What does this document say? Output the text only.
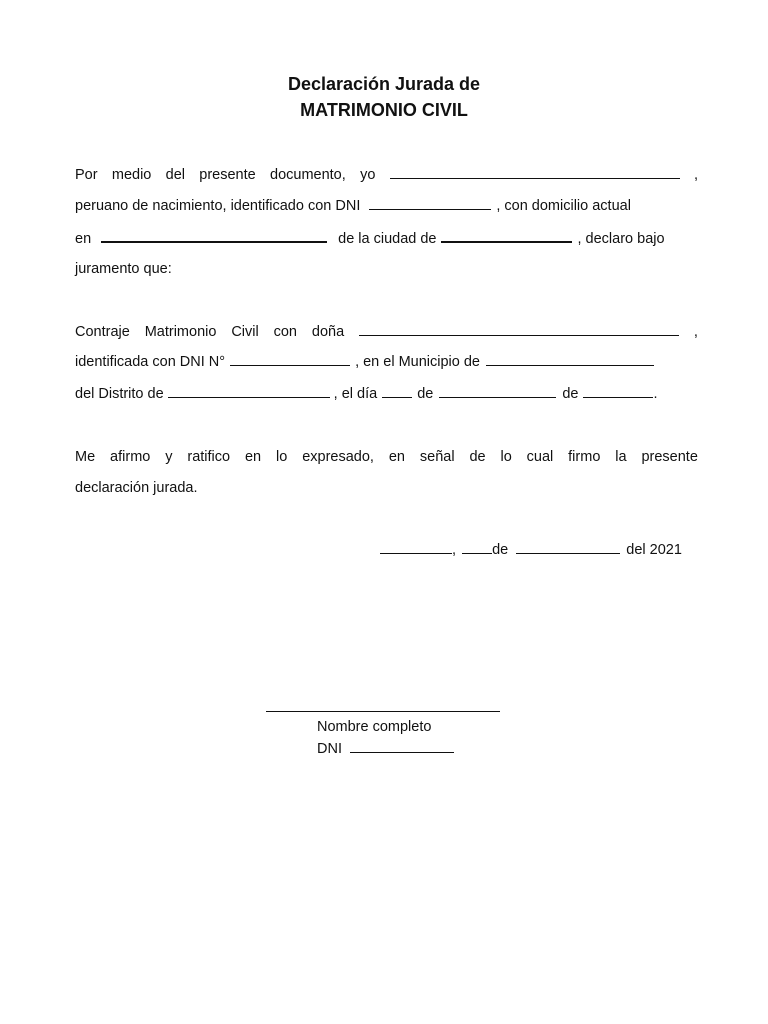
Declaración Jurada de
MATRIMONIO CIVIL
Por medio del presente documento, yo	,
peruano de nacimiento, identificado con DNI	, con domicilio actual
en	de la ciudad de	, declaro bajo
juramento que:
Contraje Matrimonio Civil con doña	,
identificada con DNI N°	, en el Municipio de
del Distrito de	, el día	de	de	.
Me afirmo y ratifico en lo expresado, en señal de lo cual firmo la presente
declaración jurada.
, de	del 2021
Nombre completo
DNI
